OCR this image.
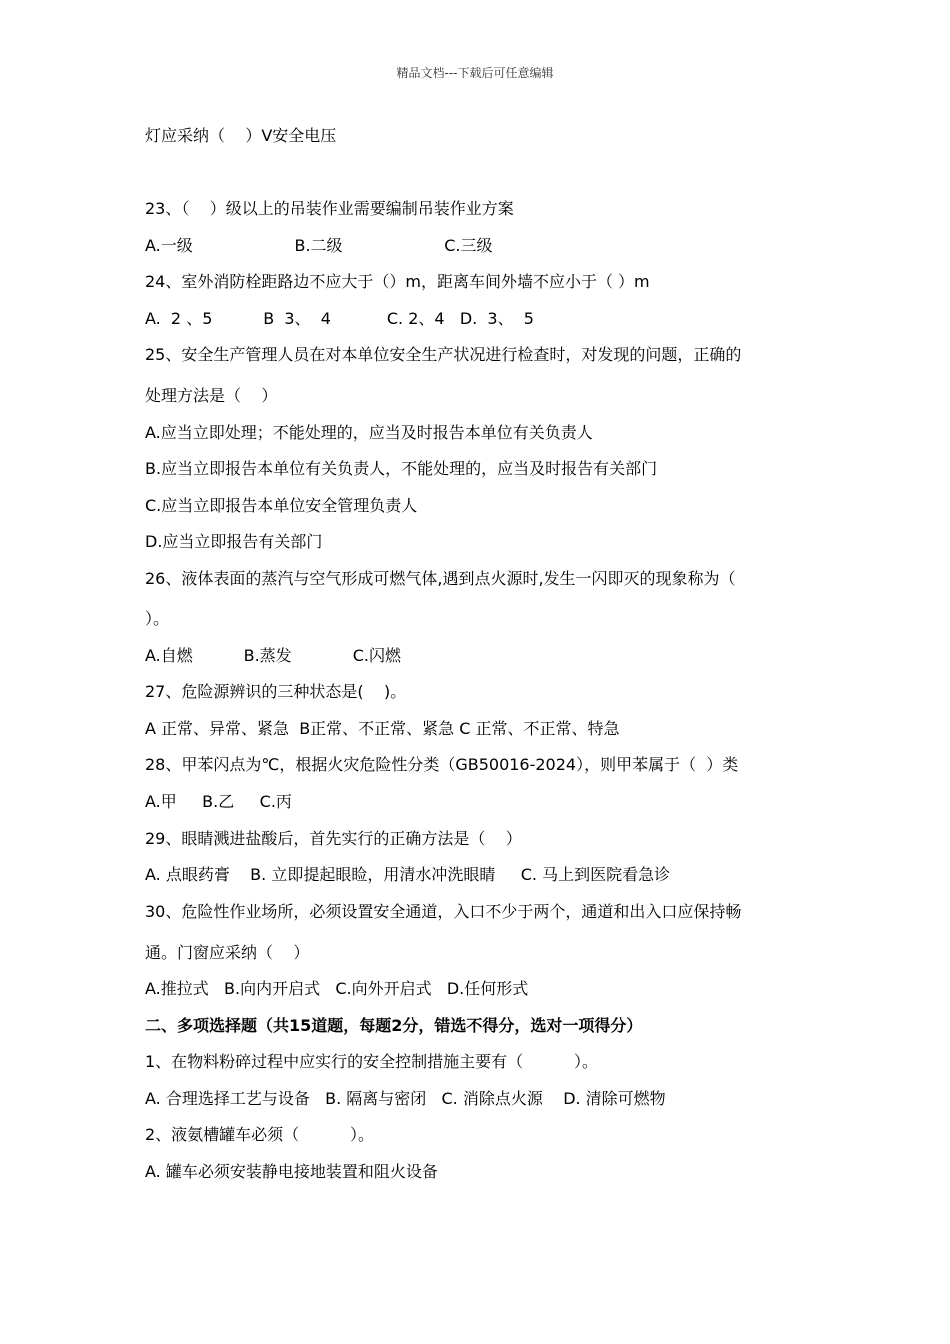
精品文档---下载后可任意编辑
灯应采纳（    ）V安全电压
23、（    ）级以上的吊装作业需要编制吊装作业方案
A.一级                    B.二级                    C.三级
24、室外消防栓距路边不应大于（）m，距离车间外墙不应小于（ ）m
A.  2 、5          B  3、  4           C. 2、4   D.  3、  5
25、安全生产管理人员在对本单位安全生产状况进行检查时，对发现的问题，正确的
处理方法是（    ）
A.应当立即处理；不能处理的，应当及时报告本单位有关负责人
B.应当立即报告本单位有关负责人，不能处理的，应当及时报告有关部门
C.应当立即报告本单位安全管理负责人
D.应当立即报告有关部门
26、液体表面的蒸汽与空气形成可燃气体,遇到点火源时,发生一闪即灭的现象称为（
）。
A.自燃          B.蒸发            C.闪燃
27、危险源辨识的三种状态是(    )。
A 正常、异常、紧急  B正常、不正常、紧急 C 正常、不正常、特急
28、甲苯闪点为℃，根据火灾危险性分类（GB50016-2024），则甲苯属于（  ）类
A.甲     B.乙     C.丙
29、眼睛溅进盐酸后，首先实行的正确方法是（    ）
A. 点眼药膏    B. 立即提起眼睑，用清水冲洗眼睛     C. 马上到医院看急诊
30、危险性作业场所，必须设置安全通道，入口不少于两个，通道和出入口应保持畅
通。门窗应采纳（    ）
A.推拉式   B.向内开启式   C.向外开启式   D.任何形式
二、多项选择题（共15道题，每题2分，错选不得分，选对一项得分）
1、在物料粉碎过程中应实行的安全控制措施主要有（          ）。
A. 合理选择工艺与设备   B. 隔离与密闭   C. 消除点火源    D. 清除可燃物
2、液氨槽罐车必须（          ）。
A. 罐车必须安装静电接地装置和阻火设备
